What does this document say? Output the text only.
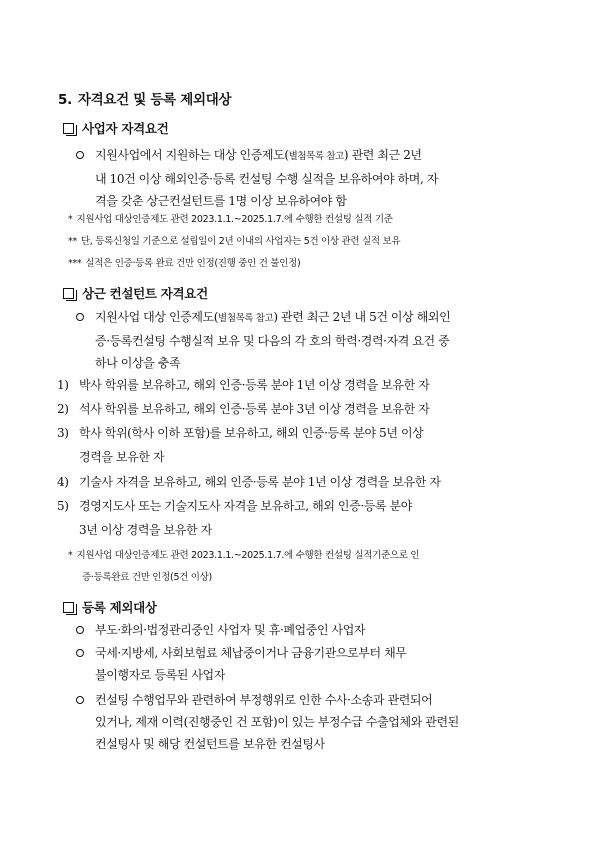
5. 자격요건 및 등록 제외대상
사업자 자격요건
지원사업에서 지원하는 대상 인증제도(별첨목록 참고) 관련 최근 2년
내 10건 이상 해외인증·등록 컨설팅 수행 실적을 보유하여야 하며, 자
격을 갖춘 상근컨설턴트를 1명 이상 보유하여야 함
* 지원사업 대상인증제도 관련 2023.1.1.~2025.1.7.에 수행한 컨설팅 실적 기준
** 단, 등록신청일 기준으로 설립일이 2년 이내의 사업자는 5건 이상 관련 실적 보유
*** 실적은 인증·등록 완료 건만 인정(진행 중인 건 불인정)
상근 컨설턴트 자격요건
지원사업 대상 인증제도(별첨목록 참고) 관련 최근 2년 내 5건 이상 해외인
증·등록컨설팅 수행실적 보유 및 다음의 각 호의 학력·경력·자격 요건 중
하나 이상을 충족
1) 박사 학위를 보유하고, 해외 인증·등록 분야 1년 이상 경력을 보유한 자
2) 석사 학위를 보유하고, 해외 인증·등록 분야 3년 이상 경력을 보유한 자
3) 학사 학위(학사 이하 포함)를 보유하고, 해외 인증·등록 분야 5년 이상
경력을 보유한 자
4) 기술사 자격을 보유하고, 해외 인증·등록 분야 1년 이상 경력을 보유한 자
5) 경영지도사 또는 기술지도사 자격을 보유하고, 해외 인증·등록 분야
3년 이상 경력을 보유한 자
* 지원사업 대상인증제도 관련 2023.1.1.~2025.1.7.에 수행한 컨설팅 실적기준으로 인
증·등록완료 건만 인정(5건 이상)
등록 제외대상
부도·화의·법정관리중인 사업자 및 휴·폐업중인 사업자
국세·지방세, 사회보험료 체납중이거나 금융기관으로부터 채무
불이행자로 등록된 사업자
컨설팅 수행업무와 관련하여 부정행위로 인한 수사·소송과 관련되어
있거나, 제재 이력(진행중인 건 포함)이 있는 부정수급 수출업체와 관련된
컨설팅사 및 해당 컨설턴트를 보유한 컨설팅사
